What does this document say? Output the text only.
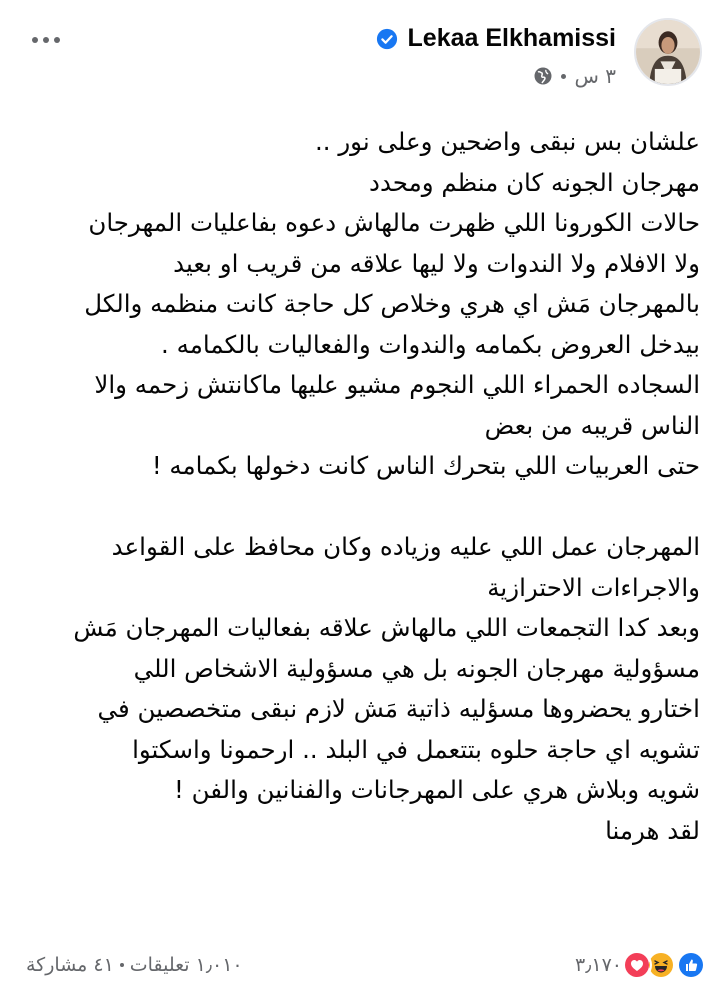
Lekaa Elkhamissi
٣ س
علشان بس نبقى واضحين وعلى نور ..
مهرجان الجونه كان منظم ومحدد
حالات الكورونا اللي ظهرت مالهاش دعوه بفاعليات المهرجان
ولا الافلام ولا الندوات ولا ليها علاقه من قريب او بعيد
بالمهرجان مَش اي هري وخلاص كل حاجة كانت منظمه والكل
بيدخل العروض بكمامه والندوات والفعاليات بالكمامه .
السجاده الحمراء اللي النجوم مشيو عليها ماكانتش زحمه والا
الناس قريبه من بعض
حتى العربيات اللي بتحرك الناس كانت دخولها بكمامه !
المهرجان عمل اللي عليه وزياده وكان محافظ على القواعد
والاجراءات الاحترازية
وبعد كدا التجمعات اللي مالهاش علاقه بفعاليات المهرجان مَش
مسؤولية مهرجان الجونه بل هي مسؤولية الاشخاص اللي
اختارو يحضروها مسؤليه ذاتية مَش لازم نبقى متخصصين في
تشويه اي حاجة حلوه بتتعمل في البلد .. ارحمونا واسكتوا
شويه وبلاش هري على المهرجانات والفنانين والفن !
لقد هرمنا
٣٫١٧٠
١٫٠١٠ تعليقات
٤١ مشاركة
